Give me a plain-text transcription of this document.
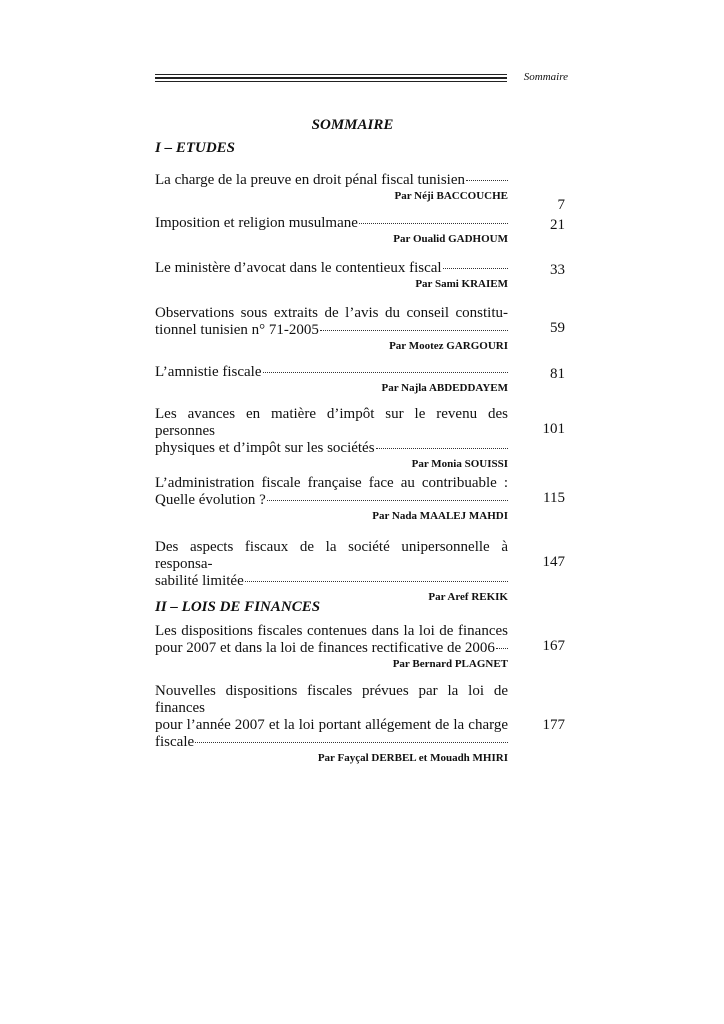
Sommaire
SOMMAIRE
I – ETUDES
La charge de la preuve en droit pénal fiscal tunisien
Par Néji BACCOUCHE
7
Imposition et religion musulmane
Par Oualid GADHOUM
21
Le ministère d’avocat dans le contentieux fiscal
Par Sami KRAIEM
33
Observations sous extraits de l’avis du conseil constitu-
tionnel tunisien n° 71-2005
Par Mootez GARGOURI
59
L’amnistie fiscale
Par Najla ABDEDDAYEM
81
Les avances en matière d’impôt sur le revenu des personnes
physiques et d’impôt sur les sociétés
Par Monia SOUISSI
101
L’administration fiscale française face au contribuable :
Quelle évolution ?
Par Nada MAALEJ MAHDI
115
Des aspects fiscaux de la société unipersonnelle à responsa-
sabilité limitée
Par Aref REKIK
147
II – LOIS DE FINANCES
Les dispositions fiscales contenues dans la loi de finances
pour 2007 et dans la loi de finances rectificative de 2006
Par Bernard PLAGNET
167
Nouvelles dispositions fiscales prévues par la loi de finances
pour l’année 2007 et la loi portant allégement de la charge
fiscale
Par Fayçal DERBEL et Mouadh MHIRI
177
